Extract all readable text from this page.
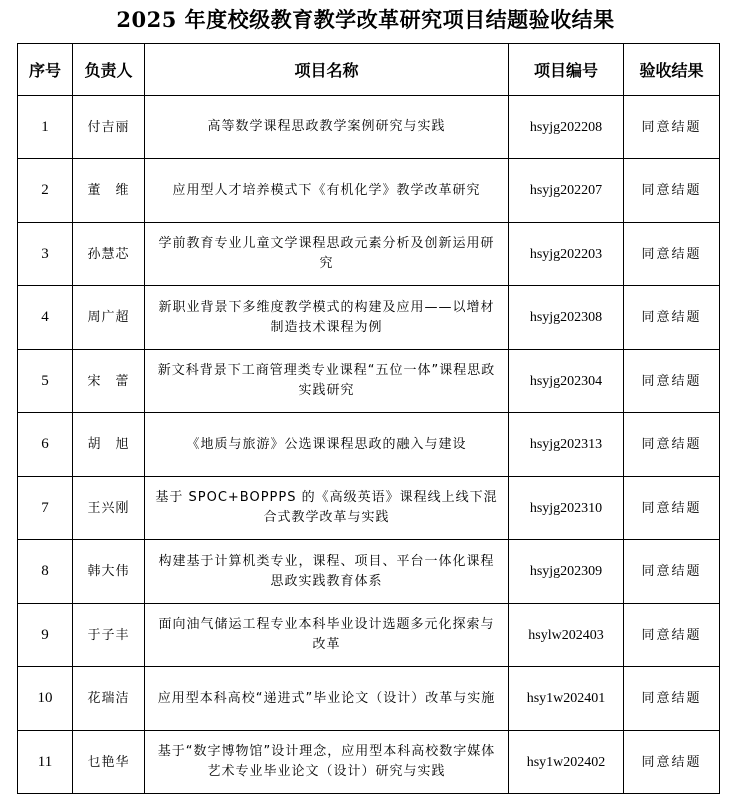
2025 年度校级教育教学改革研究项目结题验收结果
序号	负责人	项目名称	项目编号	验收结果
1	付吉丽	高等数学课程思政教学案例研究与实践	hsyjg202208	同意结题
2	董　维	应用型人才培养模式下《有机化学》教学改革研究	hsyjg202207	同意结题
3	孙慧芯	学前教育专业儿童文学课程思政元素分析及创新运用研究	hsyjg202203	同意结题
4	周广超	新职业背景下多维度教学模式的构建及应用——以增材制造技术课程为例	hsyjg202308	同意结题
5	宋　蕾	新文科背景下工商管理类专业课程“五位一体”课程思政实践研究	hsyjg202304	同意结题
6	胡　旭	《地质与旅游》公选课课程思政的融入与建设	hsyjg202313	同意结题
7	王兴刚	基于 SPOC+BOPPPS 的《高级英语》课程线上线下混合式教学改革与实践	hsyjg202310	同意结题
8	韩大伟	构建基于计算机类专业，课程、项目、平台一体化课程思政实践教育体系	hsyjg202309	同意结题
9	于子丰	面向油气储运工程专业本科毕业设计选题多元化探索与改革	hsylw202403	同意结题
10	花瑞洁	应用型本科高校“递进式”毕业论文（设计）改革与实施	hsy1w202401	同意结题
11	乜艳华	基于“数字博物馆”设计理念，应用型本科高校数字媒体艺术专业毕业论文（设计）研究与实践	hsy1w202402	同意结题
